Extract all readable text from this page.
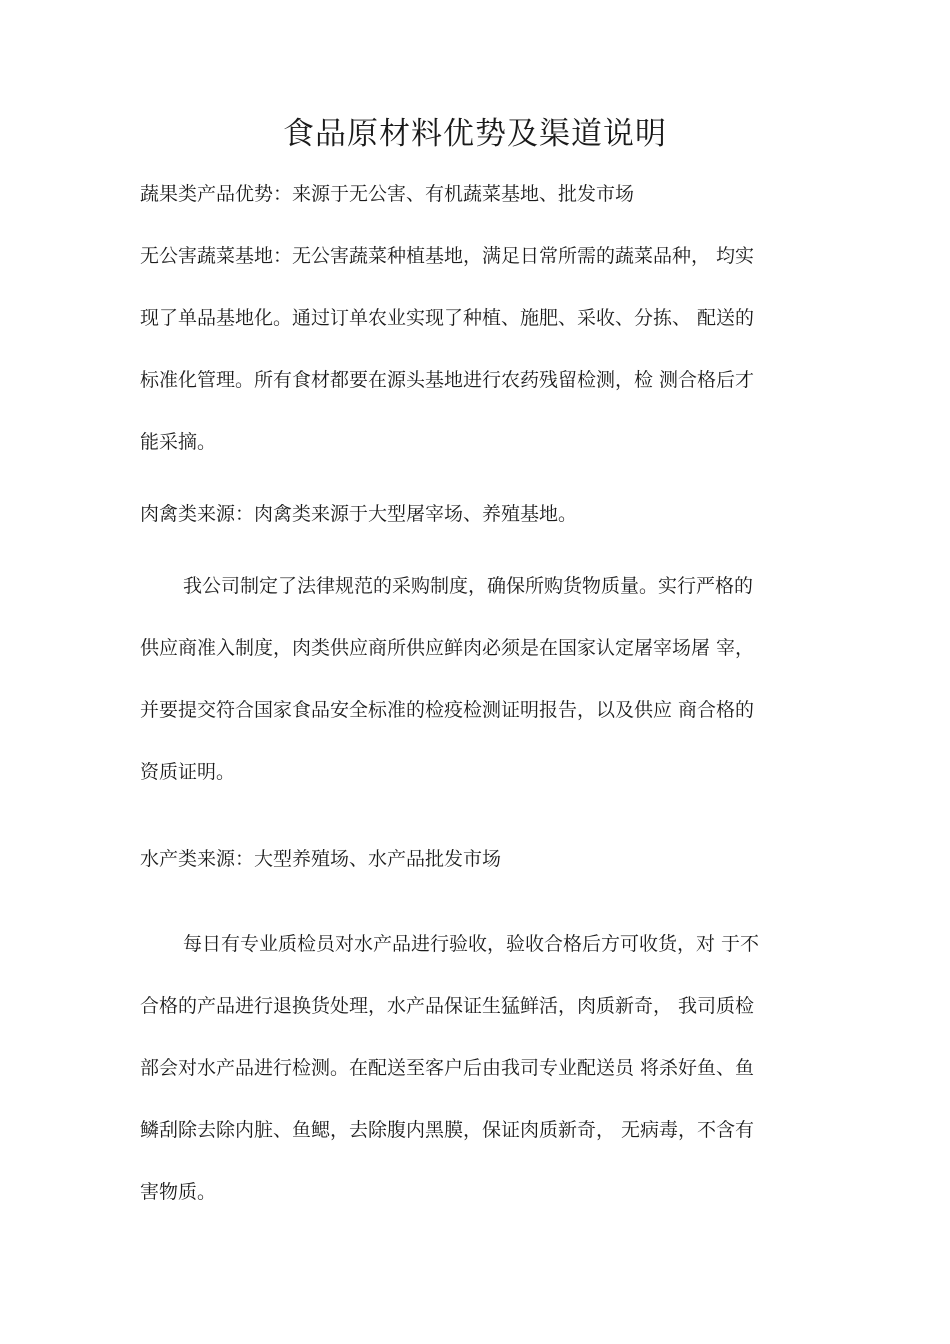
食品原材料优势及渠道说明
蔬果类产品优势：来源于无公害、有机蔬菜基地、批发市场
无公害蔬菜基地：无公害蔬菜种植基地，满足日常所需的蔬菜品种， 均实
现了单品基地化。通过订单农业实现了种植、施肥、采收、分拣、 配送的
标准化管理。所有食材都要在源头基地进行农药残留检测，检 测合格后才
能采摘。
肉禽类来源：肉禽类来源于大型屠宰场、养殖基地。
我公司制定了法律规范的采购制度，确保所购货物质量。实行严格的
供应商准入制度，肉类供应商所供应鲜肉必须是在国家认定屠宰场屠 宰，
并要提交符合国家食品安全标准的检疫检测证明报告，以及供应 商合格的
资质证明。
水产类来源：大型养殖场、水产品批发市场
每日有专业质检员对水产品进行验收，验收合格后方可收货，对 于不
合格的产品进行退换货处理，水产品保证生猛鲜活，肉质新奇， 我司质检
部会对水产品进行检测。在配送至客户后由我司专业配送员 将杀好鱼、鱼
鳞刮除去除内脏、鱼鳃，去除腹内黑膜，保证肉质新奇， 无病毒，不含有
害物质。
